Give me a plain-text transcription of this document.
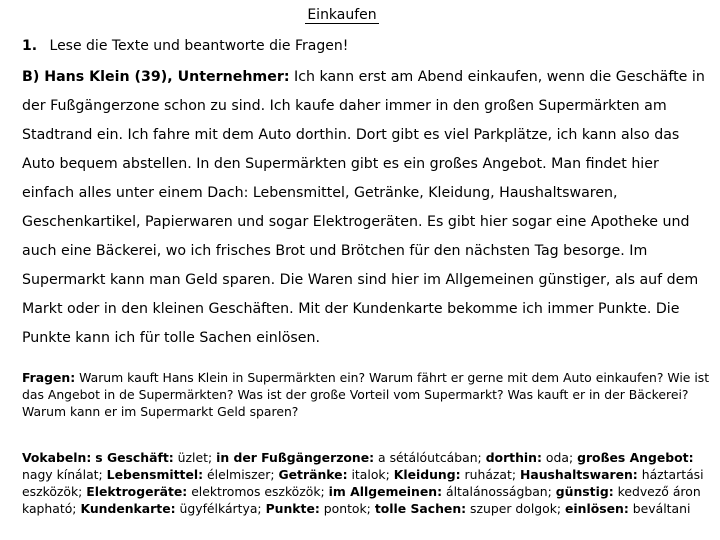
Einkaufen
1. Lese die Texte und beantworte die Fragen!
B) Hans Klein (39), Unternehmer: Ich kann erst am Abend einkaufen, wenn die Geschäfte in der Fußgängerzone schon zu sind. Ich kaufe daher immer in den großen Supermärkten am Stadtrand ein. Ich fahre mit dem Auto dorthin. Dort gibt es viel Parkplätze, ich kann also das Auto bequem abstellen. In den Supermärkten gibt es ein großes Angebot. Man findet hier einfach alles unter einem Dach: Lebensmittel, Getränke, Kleidung, Haushaltswaren, Geschenkartikel, Papierwaren und sogar Elektrogeräten. Es gibt hier sogar eine Apotheke und auch eine Bäckerei, wo ich frisches Brot und Brötchen für den nächsten Tag besorge. Im Supermarkt kann man Geld sparen. Die Waren sind hier im Allgemeinen günstiger, als auf dem Markt oder in den kleinen Geschäften. Mit der Kundenkarte bekomme ich immer Punkte. Die Punkte kann ich für tolle Sachen einlösen.
Fragen: Warum kauft Hans Klein in Supermärkten ein? Warum fährt er gerne mit dem Auto einkaufen? Wie ist das Angebot in de Supermärkten? Was ist der große Vorteil vom Supermarkt? Was kauft er in der Bäckerei? Warum kann er im Supermarkt Geld sparen?
Vokabeln: s Geschäft: üzlet; in der Fußgängerzone: a sétálóutcában; dorthin: oda; großes Angebot: nagy kínálat; Lebensmittel: élelmiszer; Getränke: italok; Kleidung: ruházat; Haushaltswaren: háztartási eszközök; Elektrogeräte: elektromos eszközök; im Allgemeinen: általánosságban; günstig: kedvező áron kapható; Kundenkarte: ügyfélkártya; Punkte: pontok; tolle Sachen: szuper dolgok; einlösen: beváltani
